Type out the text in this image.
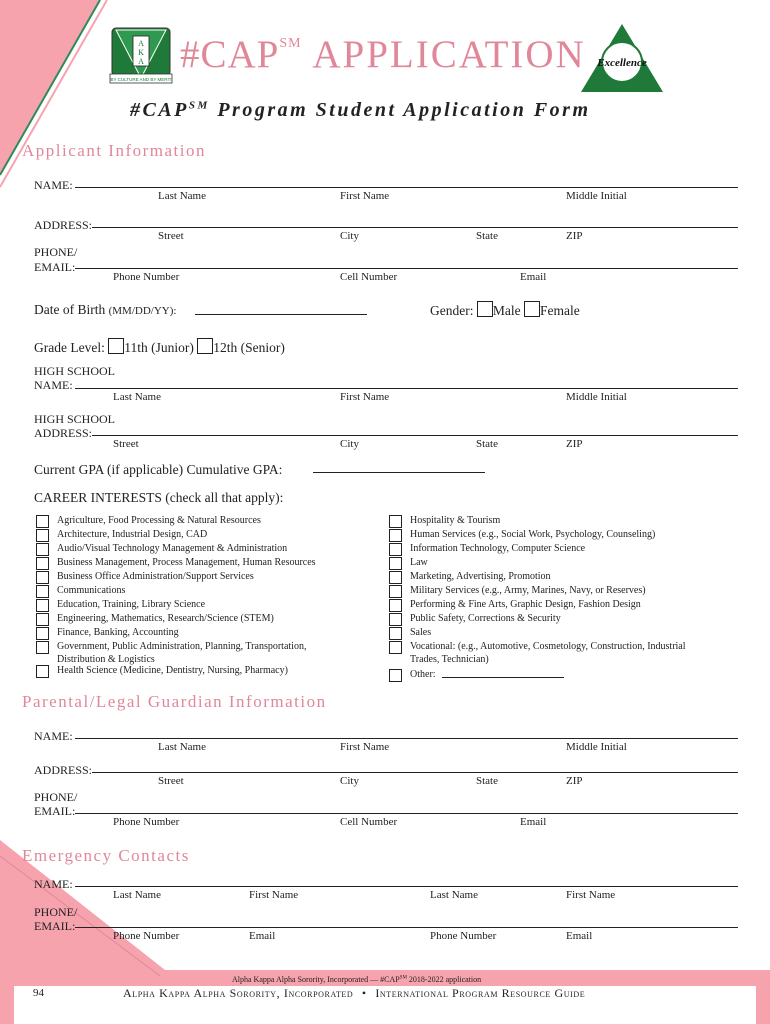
A
K
A
BY CULTURE AND BY MERIT
#CAP℠ APPLICATION Excellence
#CAP℠ Program Student Application Form
Applicant Information
NAME:
Last Name	First Name	Middle Initial
ADDRESS:
Street	City	State	ZIP
PHONE/
EMAIL:
Phone Number	Cell Number	Email
Date of Birth (MM/DD/YY):	Gender: Male Female
Grade Level: 11th (Junior) 12th (Senior)
HIGH SCHOOL
NAME:
Last Name	First Name	Middle Initial
HIGH SCHOOL
ADDRESS:
Street	City	State	ZIP
Current GPA (if applicable) Cumulative GPA:
CAREER INTERESTS (check all that apply):
Agriculture, Food Processing & Natural Resources
Architecture, Industrial Design, CAD
Audio/Visual Technology Management & Administration
Business Management, Process Management, Human Resources
Business Office Administration/Support Services
Communications
Education, Training, Library Science
Engineering, Mathematics, Research/Science (STEM)
Finance, Banking, Accounting
Government, Public Administration, Planning, Transportation, Distribution & Logistics
Health Science (Medicine, Dentistry, Nursing, Pharmacy)
Hospitality & Tourism
Human Services (e.g., Social Work, Psychology, Counseling)
Information Technology, Computer Science
Law
Marketing, Advertising, Promotion
Military Services (e.g., Army, Marines, Navy, or Reserves)
Performing & Fine Arts, Graphic Design, Fashion Design
Public Safety, Corrections & Security
Sales
Vocational: (e.g., Automotive, Cosmetology, Construction, Industrial Trades, Technician)
Other:
Parental/Legal Guardian Information
NAME:
Last Name	First Name	Middle Initial
ADDRESS:
Street	City	State	ZIP
PHONE/
EMAIL:
Phone Number	Cell Number	Email
Emergency Contacts
NAME:
Last Name	First Name	Last Name	First Name
PHONE/
EMAIL:
Phone Number	Email	Phone Number	Email
Alpha Kappa Alpha Sorority, Incorporated — #CAP℠ 2018-2022 application
94	Alpha Kappa Alpha Sorority, Incorporated • International Program Resource Guide
